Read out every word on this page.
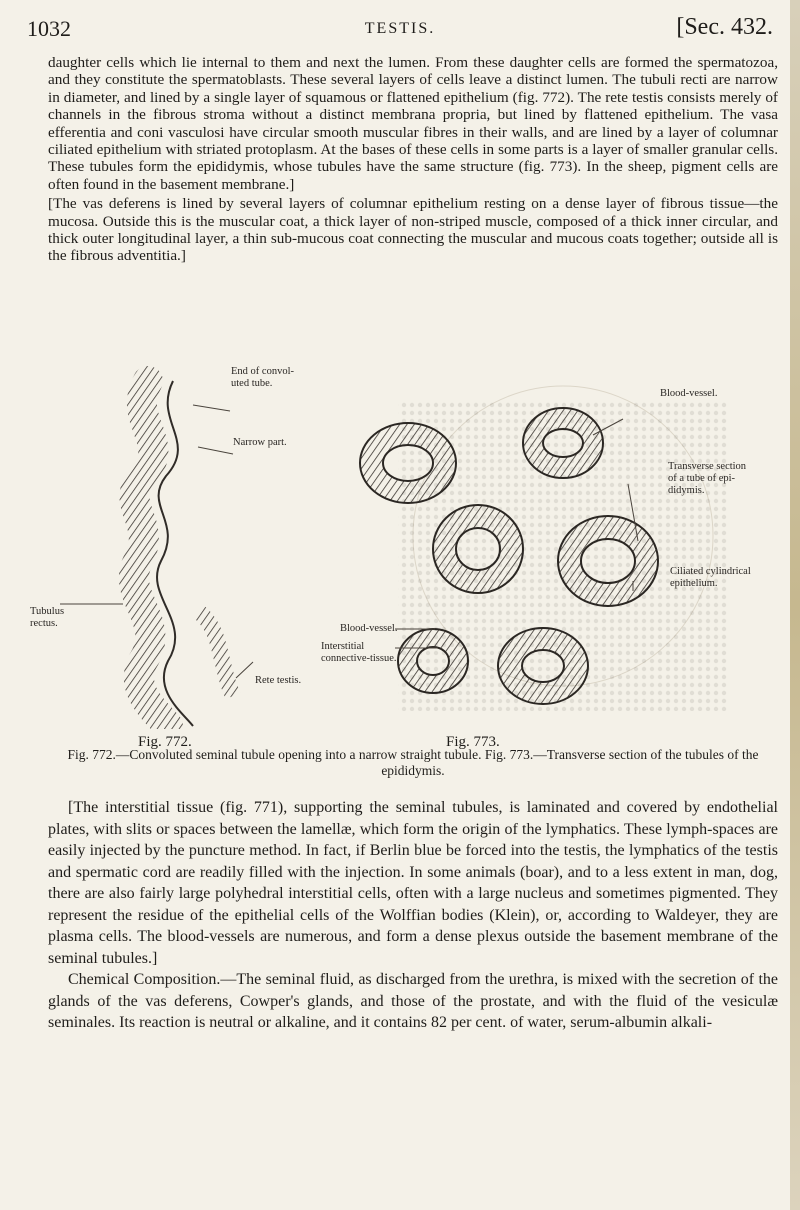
1032	TESTIS.	[Sec. 432.

daughter cells which lie internal to them and next the lumen. From these daughter cells are formed the spermatozoa, and they constitute the spermatoblasts. These several layers of cells leave a distinct lumen. The tubuli recti are narrow in diameter, and lined by a single layer of squamous or flattened epithelium (fig. 772). The rete testis consists merely of channels in the fibrous stroma without a distinct membrana propria, but lined by flattened epithelium. The vasa efferentia and coni vasculosi have circular smooth muscular fibres in their walls, and are lined by a layer of columnar ciliated epithelium with striated protoplasm. At the bases of these cells in some parts is a layer of smaller granular cells. These tubules form the epididymis, whose tubules have the same structure (fig. 773). In the sheep, pigment cells are often found in the basement membrane.]

[The vas deferens is lined by several layers of columnar epithelium resting on a dense layer of fibrous tissue—the mucosa. Outside this is the muscular coat, a thick layer of non-striped muscle, composed of a thick inner circular, and thick outer longitudinal layer, a thin sub-mucous coat connecting the muscular and mucous coats together; outside all is the fibrous adventitia.]

End of convol-uted tube.
Narrow part.
Tubulus rectus.
Rete testis.
Blood-vessel.
Transverse section of a tube of epi-didymis.
Ciliated cylindrical epithelium.
Blood-vessel.
Interstitial connective-tissue.
Fig. 772.	Fig. 773.
Fig. 772.—Convoluted seminal tubule opening into a narrow straight tubule. Fig. 773.—Transverse section of the tubules of the epididymis.

[The interstitial tissue (fig. 771), supporting the seminal tubules, is laminated and covered by endothelial plates, with slits or spaces between the lamellæ, which form the origin of the lymphatics. These lymph-spaces are easily injected by the puncture method. In fact, if Berlin blue be forced into the testis, the lymphatics of the testis and spermatic cord are readily filled with the injection. In some animals (boar), and to a less extent in man, dog, there are also fairly large polyhedral interstitial cells, often with a large nucleus and sometimes pigmented. They represent the residue of the epithelial cells of the Wolffian bodies (Klein), or, according to Waldeyer, they are plasma cells. The blood-vessels are numerous, and form a dense plexus outside the basement membrane of the seminal tubules.]

Chemical Composition.—The seminal fluid, as discharged from the urethra, is mixed with the secretion of the glands of the vas deferens, Cowper's glands, and those of the prostate, and with the fluid of the vesiculæ seminales. Its reaction is neutral or alkaline, and it contains 82 per cent. of water, serum-albumin alkali-
